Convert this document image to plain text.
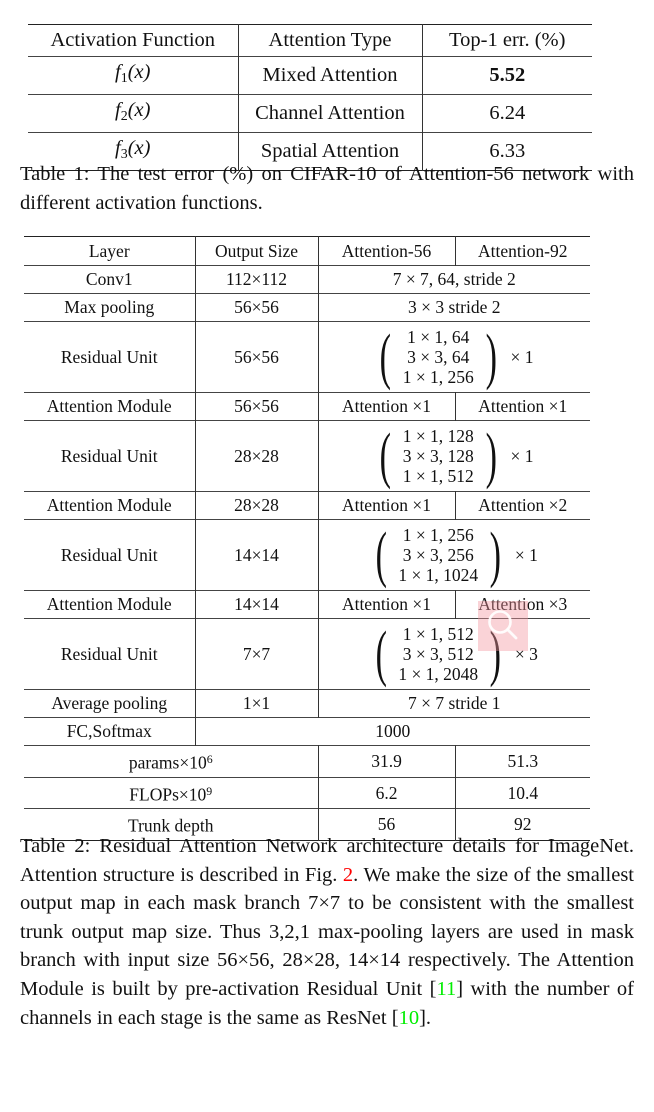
Activation Function	Attention Type	Top-1 err. (%)
$f_1(x)$	Mixed Attention	5.52
$f_2(x)$	Channel Attention	6.24
$f_3(x)$	Spatial Attention	6.33
Table 1: The test error (%) on CIFAR-10 of Attention-56 network with different activation functions.
Layer	Output Size	Attention-56	Attention-92
Conv1	112×112	7 × 7, 64, stride 2	
Max pooling	56×56	3 × 3 stride 2	
Residual Unit	56×56	( 1 × 1, 64
3 × 3, 64
1 × 1, 256 ) × 1

Attention Module	56×56	Attention ×1	Attention ×1
Residual Unit	28×28	( 1 × 1, 128
3 × 3, 128
1 × 1, 512 ) × 1

Attention Module	28×28	Attention ×1	Attention ×2
Residual Unit	14×14	( 1 × 1, 256
3 × 3, 256
1 × 1, 1024 ) × 1

Attention Module	14×14	Attention ×1	Attention ×3
Residual Unit	7×7	( 1 × 1, 512
3 × 3, 512
1 × 1, 2048 ) × 3

Average pooling	1×1	7 × 7 stride 1	
FC,Softmax	1000		
$params\times 10^6$		31.9	51.3
$FLOPs\times 10^9$		6.2	10.4
Trunk depth		56	92
Table 2: Residual Attention Network architecture details for ImageNet. Attention structure is described in Fig. 2. We make the size of the smallest output map in each mask branch 7×7 to be consistent with the smallest trunk output map size. Thus 3,2,1 max-pooling layers are used in mask branch with input size 56×56, 28×28, 14×14 respectively. The Attention Module is built by pre-activation Residual Unit [11] with the number of channels in each stage is the same as ResNet [10].
